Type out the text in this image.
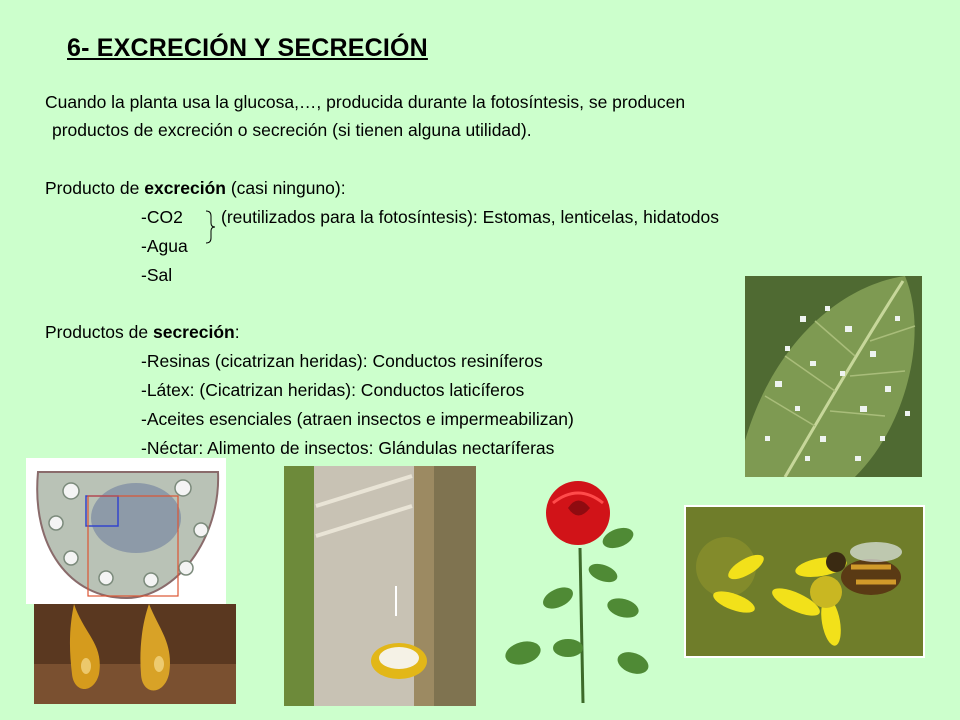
6- EXCRECIÓN Y SECRECIÓN
Cuando la planta usa la glucosa,…, producida durante la fotosíntesis, se producen
productos de excreción o secreción (si tienen alguna utilidad).
Producto de excreción (casi ninguno):
-CO2 (reutilizados para la fotosíntesis): Estomas, lenticelas, hidatodos
-Agua
-Sal
Productos de secreción:
-Resinas (cicatrizan heridas): Conductos resiníferos
-Látex: (Cicatrizan heridas): Conductos laticíferos
-Aceites esenciales (atraen insectos e impermeabilizan)
-Néctar: Alimento de insectos: Glándulas nectaríferas
